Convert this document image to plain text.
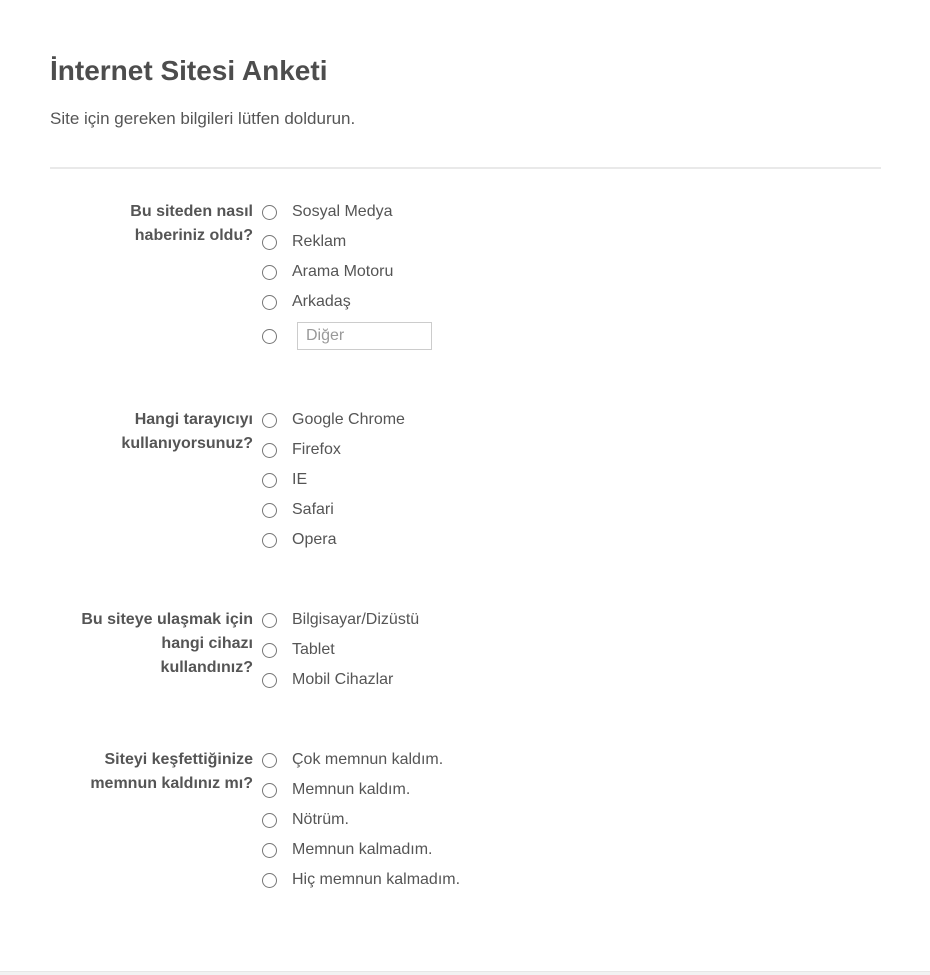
İnternet Sitesi Anketi

Site için gereken bilgileri lütfen doldurun.

Bu siteden nasıl haberiniz oldu?
Sosyal Medya
Reklam
Arama Motoru
Arkadaş
Diğer
Hangi tarayıcıyı kullanıyorsunuz?
Google Chrome
Firefox
IE
Safari
Opera
Bu siteye ulaşmak için hangi cihazı kullandınız?
Bilgisayar/Dizüstü
Tablet
Mobil Cihazlar
Siteyi keşfettiğinize memnun kaldınız mı?
Çok memnun kaldım.
Memnun kaldım.
Nötrüm.
Memnun kalmadım.
Hiç memnun kalmadım.
